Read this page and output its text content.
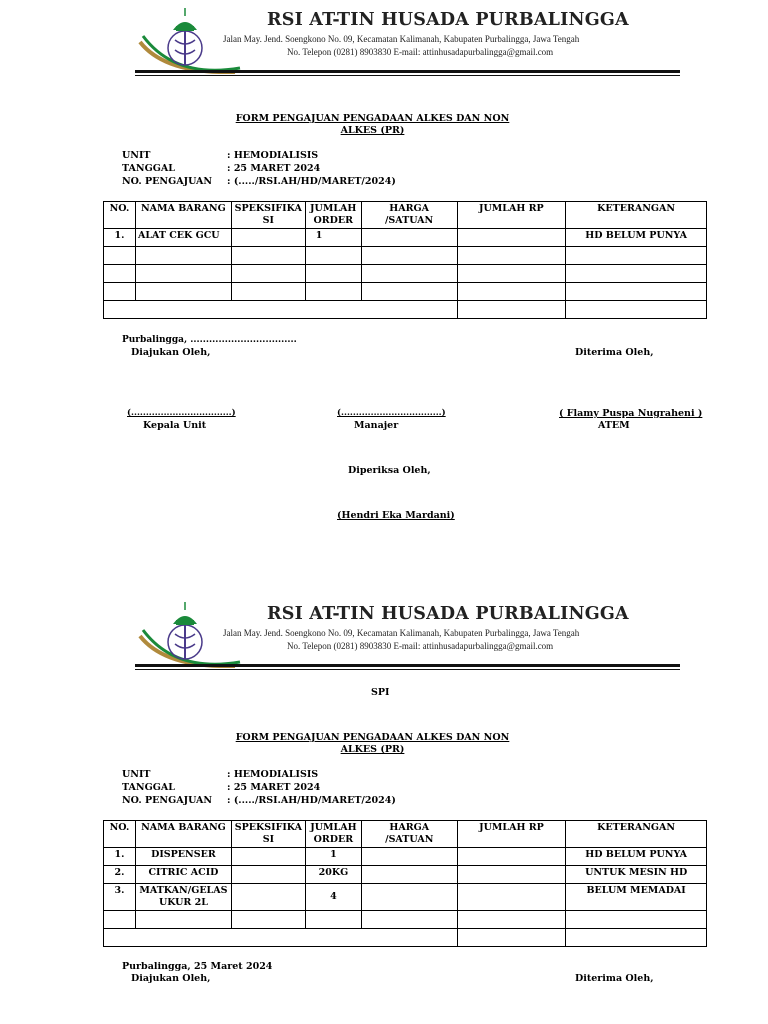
RSI AT-TIN HUSADA PURBALINGGA
Jalan May. Jend. Soengkono No. 09, Kecamatan Kalimanah, Kabupaten Purbalingga, Jawa Tengah
No. Telepon (0281) 8903830 E-mail: attinhusadapurbalingga@gmail.com
FORM PENGAJUAN PENGADAAN ALKES DAN NON
ALKES (PR)
UNIT	: HEMODIALISIS
TANGGAL	: 25 MARET 2024
NO. PENGAJUAN : (...../RSI.AH/HD/MARET/2024)
NO.	NAMA BARANG	SPEKSIFIKA SI	JUMLAH ORDER	HARGA /SATUAN	JUMLAH RP	KETERANGAN
1.	ALAT CEK GCU		1			HD BELUM PUNYA

Purbalingga, ..................................
Diajukan Oleh,	Diterima Oleh,
(..................................)
Kepala Unit
(..................................)
Manajer
( Flamy Puspa Nugraheni )
ATEM
Diperiksa Oleh,
(Hendri Eka Mardani)
RSI AT-TIN HUSADA PURBALINGGA
Jalan May. Jend. Soengkono No. 09, Kecamatan Kalimanah, Kabupaten Purbalingga, Jawa Tengah
No. Telepon (0281) 8903830 E-mail: attinhusadapurbalingga@gmail.com
SPI
FORM PENGAJUAN PENGADAAN ALKES DAN NON
ALKES (PR)
UNIT	: HEMODIALISIS
TANGGAL	: 25 MARET 2024
NO. PENGAJUAN : (...../RSI.AH/HD/MARET/2024)
NO.	NAMA BARANG	SPEKSIFIKA SI	JUMLAH ORDER	HARGA /SATUAN	JUMLAH RP	KETERANGAN
1.	DISPENSER		1			HD BELUM PUNYA
2.	CITRIC ACID		20KG			UNTUK MESIN HD
3.	MATKAN/GELAS UKUR 2L		4			BELUM MEMADAI

Purbalingga, 25 Maret 2024
Diajukan Oleh,	Diterima Oleh,
